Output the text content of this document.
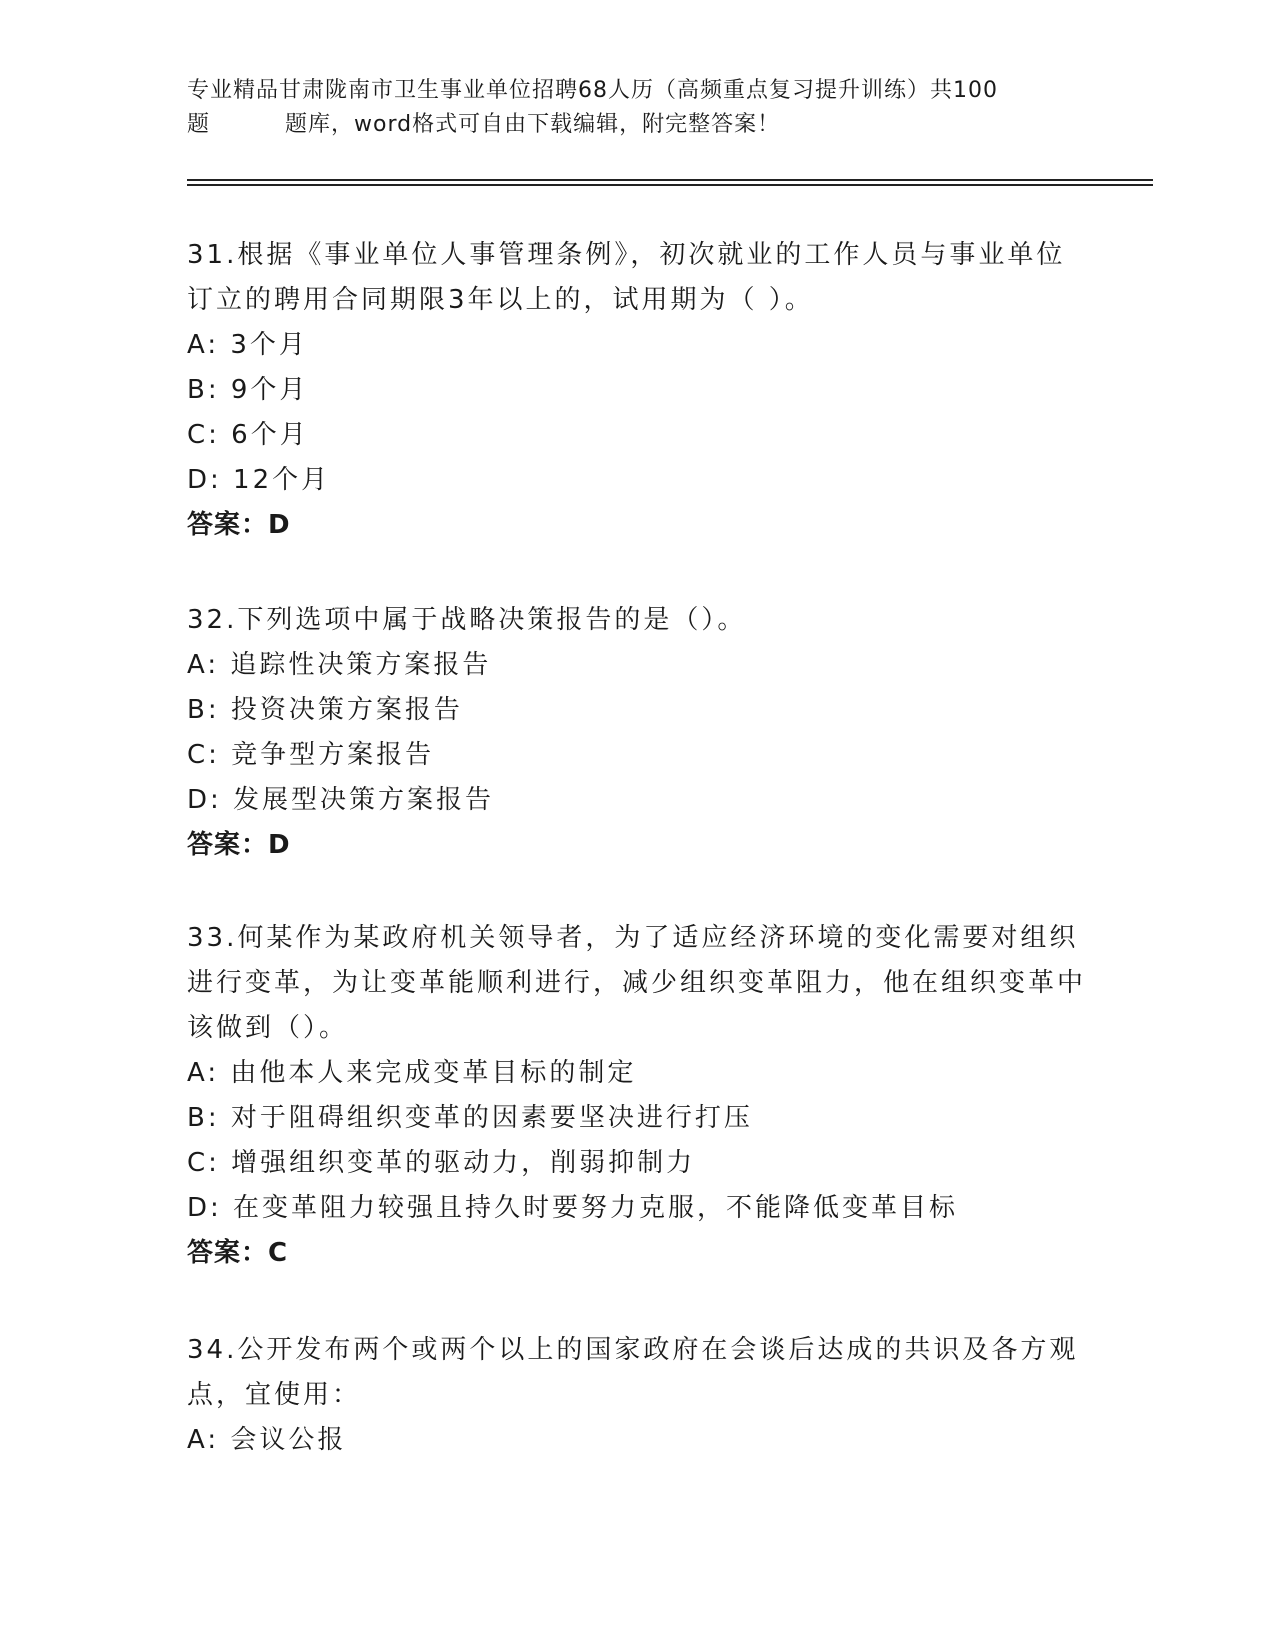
专业精品甘肃陇南市卫生事业单位招聘68人历（高频重点复习提升训练）共100
题	题库，word格式可自由下载编辑，附完整答案！

31.根据《事业单位人事管理条例》，初次就业的工作人员与事业单位订立的聘用合同期限3年以上的，试用期为（ ）。

A: 3个月
B: 9个月
C: 6个月
D: 12个月
答案：D

32.下列选项中属于战略决策报告的是（）。

A: 追踪性决策方案报告
B: 投资决策方案报告
C: 竞争型方案报告
D: 发展型决策方案报告
答案：D

33.何某作为某政府机关领导者，为了适应经济环境的变化需要对组织进行变革，为让变革能顺利进行，减少组织变革阻力，他在组织变革中该做到（）。

A: 由他本人来完成变革目标的制定
B: 对于阻碍组织变革的因素要坚决进行打压
C: 增强组织变革的驱动力，削弱抑制力
D: 在变革阻力较强且持久时要努力克服，不能降低变革目标
答案：C

34.公开发布两个或两个以上的国家政府在会谈后达成的共识及各方观点，宜使用：

A: 会议公报
